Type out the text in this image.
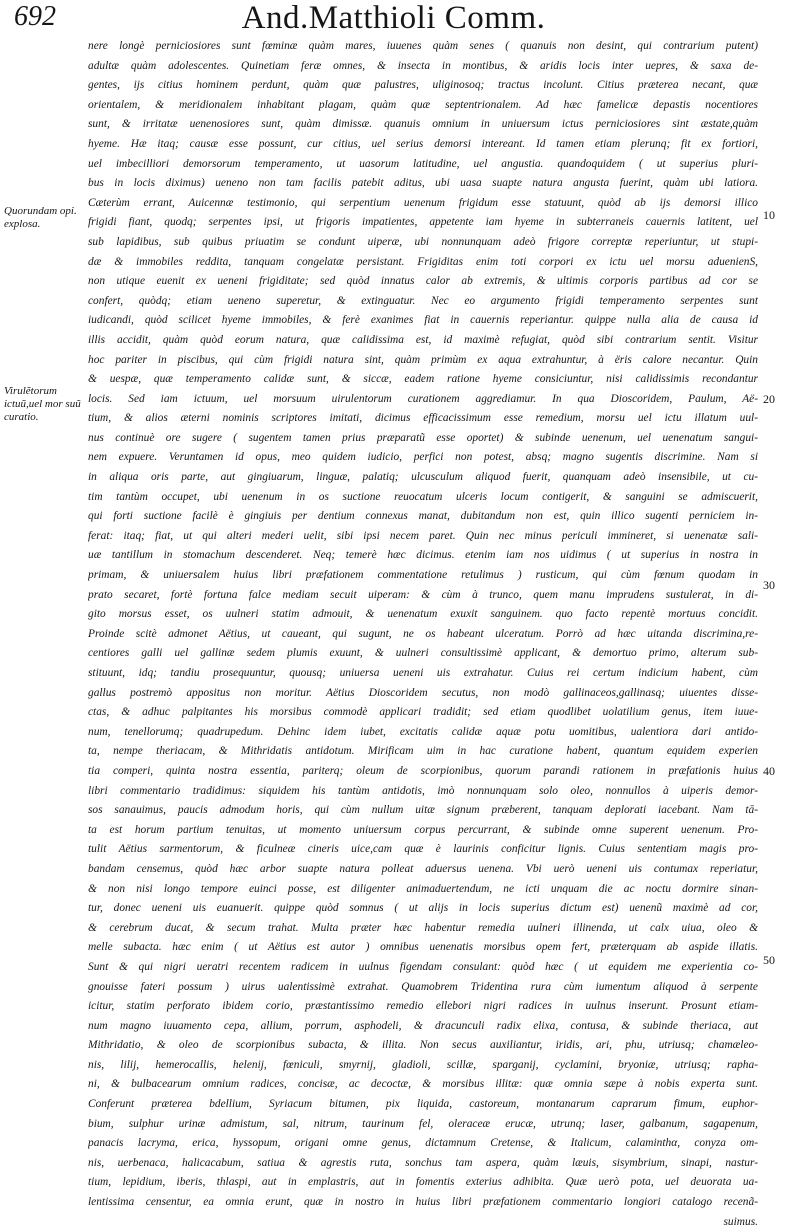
692	And.Matthioli Comm.
Quorundam opi. explosa.
Virulẽtorum ictuũ,uel mor suũ curatio.
10
20
30
40
50
nere longè perniciosiores sunt fœminæ quàm mares, iuuenes quàm senes ( quanuis non desint, qui contrarium putent)
adultæ quàm adolescentes. Quinetiam feræ omnes, & insecta in montibus, & aridis locis inter uepres, & saxa de-
gentes, ijs citius hominem perdunt, quàm quæ palustres, uliginosoq; tractus incolunt. Citius præterea necant, quæ
orientalem, & meridionalem inhabitant plagam, quàm quæ septentrionalem. Ad hæc famelicæ depastis nocentiores
sunt, & irritatæ uenenosiores sunt, quàm dimissæ. quanuis omnium in uniuersum ictus perniciosiores sint æstate,quàm
hyeme. Hæ itaq; causæ esse possunt, cur citius, uel serius demorsi intereant. Id tamen etiam plerunq; fit ex fortiori,
uel imbecilliori demorsorum temperamento, ut uasorum latitudine, uel angustia. quandoquidem ( ut superius pluri-
bus in locis diximus) ueneno non tam facilis patebit aditus, ubi uasa suapte natura angusta fuerint, quàm ubi latiora.
Cæterùm errant, Auicennæ testimonio, qui serpentium uenenum frigidum esse statuunt, quòd ab ijs demorsi illico
frigidi fiant, quodq; serpentes ipsi, ut frigoris impatientes, appetente iam hyeme in subterraneis cauernis latitent, uel
sub lapidibus, sub quibus priuatim se condunt uiperæ, ubi nonnunquam adeò frigore correptæ reperiuntur, ut stupi-
dæ & immobiles reddita, tanquam congelatæ persistant. Frigiditas enim toti corpori ex ictu uel morsu aduenienS,
non utique euenit ex ueneni frigiditate; sed quòd innatus calor ab extremis, & ultimis corporis partibus ad cor se
confert, quòdq; etiam ueneno superetur, & extinguatur. Nec eo argumento frigidi temperamento serpentes sunt
iudicandi, quòd scilicet hyeme immobiles, & ferè exanimes fiat in cauernis reperiantur. quippe nulla alia de causa id
illis accidit, quàm quòd eorum natura, quæ calidissima est, id maximè refugiat, quòd sibi contrarium sentit. Visitur
hoc pariter in piscibus, qui cùm frigidi natura sint, quàm primùm ex aqua extrahuntur, à ëris calore necantur. Quin
& uespæ, quæ temperamento calidæ sunt, & siccæ, eadem ratione hyeme consiciuntur, nisi calidissimis recondantur
locis. Sed iam ictuum, uel morsuum uirulentorum curationem aggrediamur. In qua Dioscoridem, Paulum, Aë-
tium, & alios æterni nominis scriptores imitati, dicimus efficacissimum esse remedium, morsu uel ictu illatum uul-
nus continuè ore sugere ( sugentem tamen prius præparatũ esse oportet) & subinde uenenum, uel uenenatum sangui-
nem expuere. Veruntamen id opus, meo quidem iudicio, perfici non potest, absq; magno sugentis discrimine. Nam si
in aliqua oris parte, aut gingiuarum, linguæ, palatiq; ulcusculum aliquod fuerit, quanquam adeò insensibile, ut cu-
tim tantùm occupet, ubi uenenum in os suctione reuocatum ulceris locum contigerit, & sanguini se admiscuerit,
qui forti suctione facilè è gingiuis per dentium connexus manat, dubitandum non est, quin illico sugenti perniciem in-
ferat: itaq; fiat, ut qui alteri mederi uelit, sibi ipsi necem paret. Quin nec minus periculi immineret, si uenenatæ sali-
uæ tantillum in stomachum descenderet. Neq; temerè hæc dicimus. etenim iam nos uidimus ( ut superius in nostra in
primam, & uniuersalem huius libri præfationem commentatione retulimus ) rusticum, qui cùm fœnum quodam in
prato secaret, fortè fortuna falce mediam secuit uiperam: & cùm à trunco, quem manu imprudens sustulerat, in di-
gito morsus esset, os uulneri statim admouit, & uenenatum exuxit sanguinem. quo facto repentè mortuus concidit.
Proinde scitè admonet Aëtius, ut caueant, qui sugunt, ne os habeant ulceratum. Porrò ad hæc uitanda discrimina,re-
centiores galli uel gallinæ sedem plumis exuunt, & uulneri consultissimè applicant, & demortuo primo, alterum sub-
stituunt, idq; tandiu prosequuntur, quousq; uniuersa ueneni uis extrahatur. Cuius rei certum indicium habent, cùm
gallus postremò appositus non moritur. Aëtius Dioscoridem secutus, non modò gallinaceos,gallinasq; uiuentes disse-
ctas, & adhuc palpitantes his morsibus commodè applicari tradidit; sed etiam quodlibet uolatilium genus, item iuue-
num, tenellorumq; quadrupedum. Dehinc idem iubet, excitatis calidæ aquæ potu uomitibus, ualentiora dari antido-
ta, nempe theriacam, & Mithridatis antidotum. Mirificam uim in hac curatione habent, quantum equidem experien
tia comperi, quinta nostra essentia, pariterq; oleum de scorpionibus, quorum parandi rationem in præfationis huius
libri commentario tradidimus: siquidem his tantùm antidotis, imò nonnunquam solo oleo, nonnullos à uiperis demor-
sos sanauimus, paucis admodum horis, qui cùm nullum uitæ signum præberent, tanquam deplorati iacebant. Nam tā-
ta est horum partium tenuitas, ut momento uniuersum corpus percurrant, & subinde omne superent uenenum. Pro-
tulit Aëtius sarmentorum, & ficulneæ cineris uice,cam quæ è laurinis conficitur lignis. Cuius sententiam magis pro-
bandam censemus, quòd hæc arbor suapte natura polleat aduersus uenena. Vbi uerò ueneni uis contumax reperiatur,
& non nisi longo tempore euinci posse, est diligenter animaduertendum, ne icti unquam die ac noctu dormire sinan-
tur, donec ueneni uis euanuerit. quippe quòd somnus ( ut alijs in locis superius dictum est) uenenũ maximè ad cor,
& cerebrum ducat, & secum trahat. Multa præter hæc habentur remedia uulneri illinenda, ut calx uiua, oleo &
melle subacta. hæc enim ( ut Aëtius est autor ) omnibus uenenatis morsibus opem fert, præterquam ab aspide illatis.
Sunt & qui nigri ueratri recentem radicem in uulnus figendam consulant: quòd hæc ( ut equidem me experientia co-
gnouisse fateri possum ) uirus ualentissimè extrahat. Quamobrem Tridentina rura cùm iumentum aliquod à serpente
icitur, statim perforato ibidem corio, præstantissimo remedio ellebori nigri radices in uulnus inserunt. Prosunt etiam-
num magno iuuamento cepa, allium, porrum, asphodeli, & dracunculi radix elixa, contusa, & subinde theriaca, aut
Mithridatio, & oleo de scorpionibus subacta, & illita. Non secus auxiliantur, iridis, ari, phu, utriusq; chamæleo-
nis, lilij, hemerocallis, helenij, fœniculi, smyrnij, gladioli, scillæ, sparganij, cyclamini, bryoniæ, utriusq; rapha-
ni, & bulbacearum omnium radices, concisæ, ac decoctæ, & morsibus illitæ: quæ omnia sæpe à nobis experta sunt.
Conferunt præterea bdellium, Syriacum bitumen, pix liquida, castoreum, montanarum caprarum fimum, euphor-
bium, sulphur urinæ admistum, sal, nitrum, taurinum fel, oleraceæ erucæ, utrunq; laser, galbanum, sagapenum,
panacis lacryma, erica, hyssopum, origani omne genus, dictamnum Cretense, & Italicum, calaminthα, conyza om-
nis, uerbenaca, halicacabum, satiua & agrestis ruta, sonchus tam aspera, quàm læuis, sisymbrium, sinapi, nastur-
tium, lepidium, iberis, thlaspi, aut in emplastris, aut in fomentis exterius adhibita. Quæ uerò pota, uel deuorata ua-
lentissima censentur, ea omnia erunt, quæ in nostro in huius libri præfationem commentario longiori catalogo recenã-
suimus.
